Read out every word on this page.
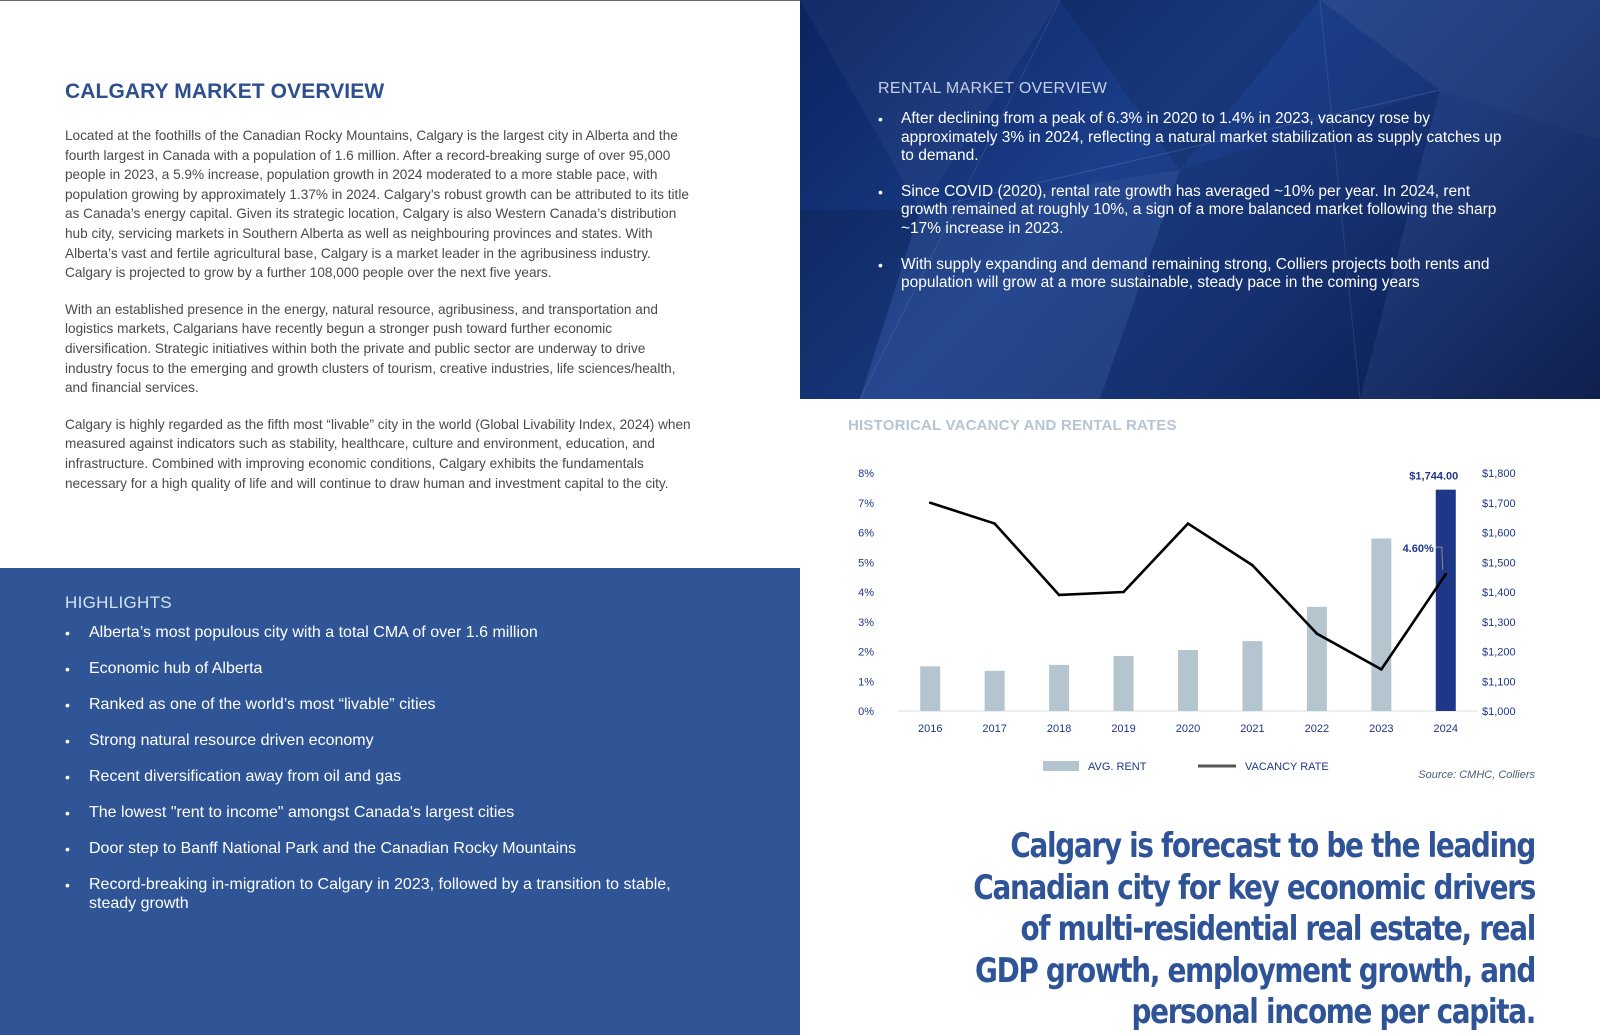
CALGARY MARKET OVERVIEW

Located at the foothills of the Canadian Rocky Mountains, Calgary is the largest city in Alberta and the fourth largest in Canada with a population of 1.6 million. After a record-breaking surge of over 95,000 people in 2023, a 5.9% increase, population growth in 2024 moderated to a more stable pace, with population growing by approximately 1.37% in 2024. Calgary’s robust growth can be attributed to its title as Canada’s energy capital. Given its strategic location, Calgary is also Western Canada’s distribution hub city, servicing markets in Southern Alberta as well as neighbouring provinces and states. With Alberta’s vast and fertile agricultural base, Calgary is a market leader in the agribusiness industry. Calgary is projected to grow by a further 108,000 people over the next five years.

With an established presence in the energy, natural resource, agribusiness, and transportation and logistics markets, Calgarians have recently begun a stronger push toward further economic diversification. Strategic initiatives within both the private and public sector are underway to drive industry focus to the emerging and growth clusters of tourism, creative industries, life sciences/health, and financial services.

Calgary is highly regarded as the fifth most “livable” city in the world (Global Livability Index, 2024) when measured against indicators such as stability, healthcare, culture and environment, education, and infrastructure. Combined with improving economic conditions, Calgary exhibits the fundamentals necessary for a high quality of life and will continue to draw human and investment capital to the city.

HIGHLIGHTS
• Alberta’s most populous city with a total CMA of over 1.6 million
• Economic hub of Alberta
• Ranked as one of the world’s most “livable” cities
• Strong natural resource driven economy
• Recent diversification away from oil and gas
• The lowest "rent to income" amongst Canada's largest cities
• Door step to Banff National Park and the Canadian Rocky Mountains
• Record-breaking in-migration to Calgary in 2023, followed by a transition to stable, steady growth
RENTAL MARKET OVERVIEW
• After declining from a peak of 6.3% in 2020 to 1.4% in 2023, vacancy rose by approximately 3% in 2024, reflecting a natural market stabilization as supply catches up to demand.
• Since COVID (2020), rental rate growth has averaged ~10% per year. In 2024, rent growth remained at roughly 10%, a sign of a more balanced market following the sharp ~17% increase in 2023.
• With supply expanding and demand remaining strong, Colliers projects both rents and population will grow at a more sustainable, steady pace in the coming years
HISTORICAL VACANCY AND RENTAL RATES
0%
1%
2%
3%
4%
5%
6%
7%
8%
$1,000
$1,100
$1,200
$1,300
$1,400
$1,500
$1,600
$1,700
$1,800
2016	2017	2018	2019	2020	2021	2022	2023	2024
$1,744.00
4.60%
AVG. RENT	VACANCY RATE
Source: CMHC, Colliers

Calgary is forecast to be the leading Canadian city for key economic drivers of multi-residential real estate, real GDP growth, employment growth, and personal income per capita.
